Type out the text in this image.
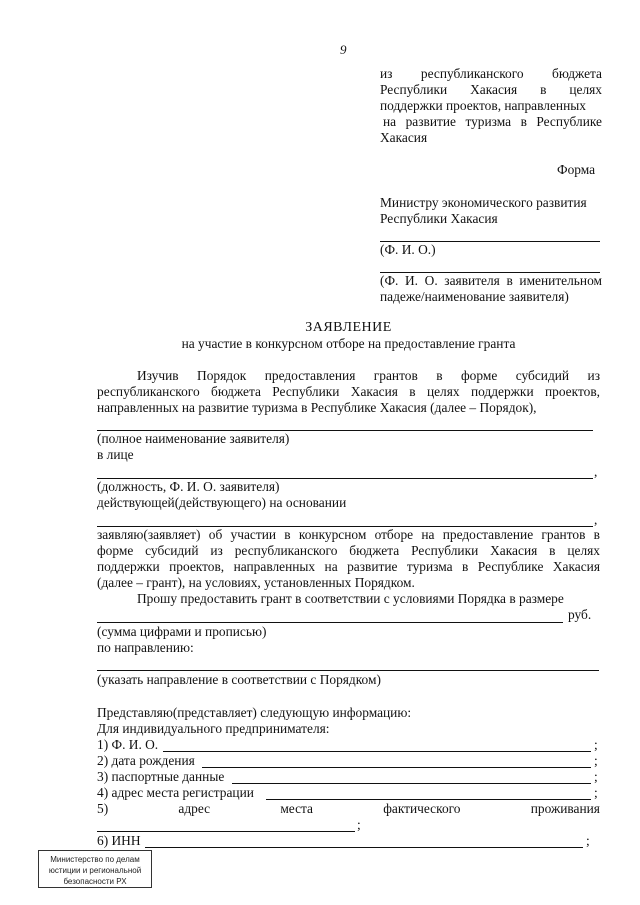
9
из республиканского бюджета
Республики Хакасия в целях
поддержки проектов, направленных
на развитие туризма в Республике
Хакасия
Форма
Министру экономического развития
Республики Хакасия
(Ф. И. О.)
(Ф. И. О. заявителя в именительном
падеже/наименование заявителя)
ЗАЯВЛЕНИЕ
на участие в конкурсном отборе на предоставление гранта
Изучив Порядок предоставления грантов в форме субсидий из
республиканского бюджета Республики Хакасия в целях поддержки проектов,
направленных на развитие туризма в Республике Хакасия (далее – Порядок),
(полное наименование заявителя)
в лице
,
(должность, Ф. И. О. заявителя)
действующей(действующего) на основании
,
заявляю(заявляет) об участии в конкурсном отборе на предоставление грантов в
форме субсидий из республиканского бюджета Республики Хакасия в целях
поддержки проектов, направленных на развитие туризма в Республике Хакасия
(далее – грант), на условиях, установленных Порядком.
Прошу предоставить грант в соответствии с условиями Порядка в размере
руб.
(сумма цифрами и прописью)
по направлению:
(указать направление в соответствии с Порядком)
Представляю(представляет) следующую информацию:
Для индивидуального предпринимателя:
1) Ф. И. О.	;
2) дата рождения	;
3) паспортные данные	;
4) адрес места регистрации	;
5)	адрес	места	фактического	проживания
;
6) ИНН	;
Министерство по делам
юстиции и региональной
безопасности РХ
